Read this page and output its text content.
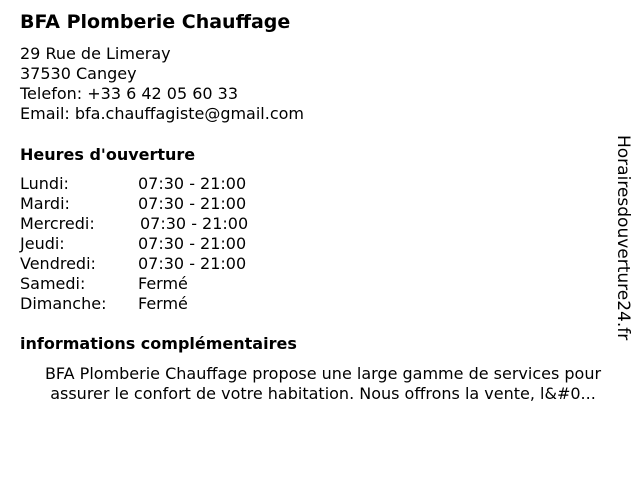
BFA Plomberie Chauffage
29 Rue de Limeray
37530 Cangey
Telefon: +33 6 42 05 60 33
Email: bfa.chauffagiste@gmail.com
Heures d'ouverture
Lundi:	07:30 - 21:00
Mardi:	07:30 - 21:00
Mercredi:	07:30 - 21:00
Jeudi:	07:30 - 21:00
Vendredi:	07:30 - 21:00
Samedi:	Fermé
Dimanche: Fermé
informations complémentaires
BFA Plomberie Chauffage propose une large gamme de services pour
assurer le confort de votre habitation. Nous offrons la vente, l&#0...
Horairesdouverture24.fr
